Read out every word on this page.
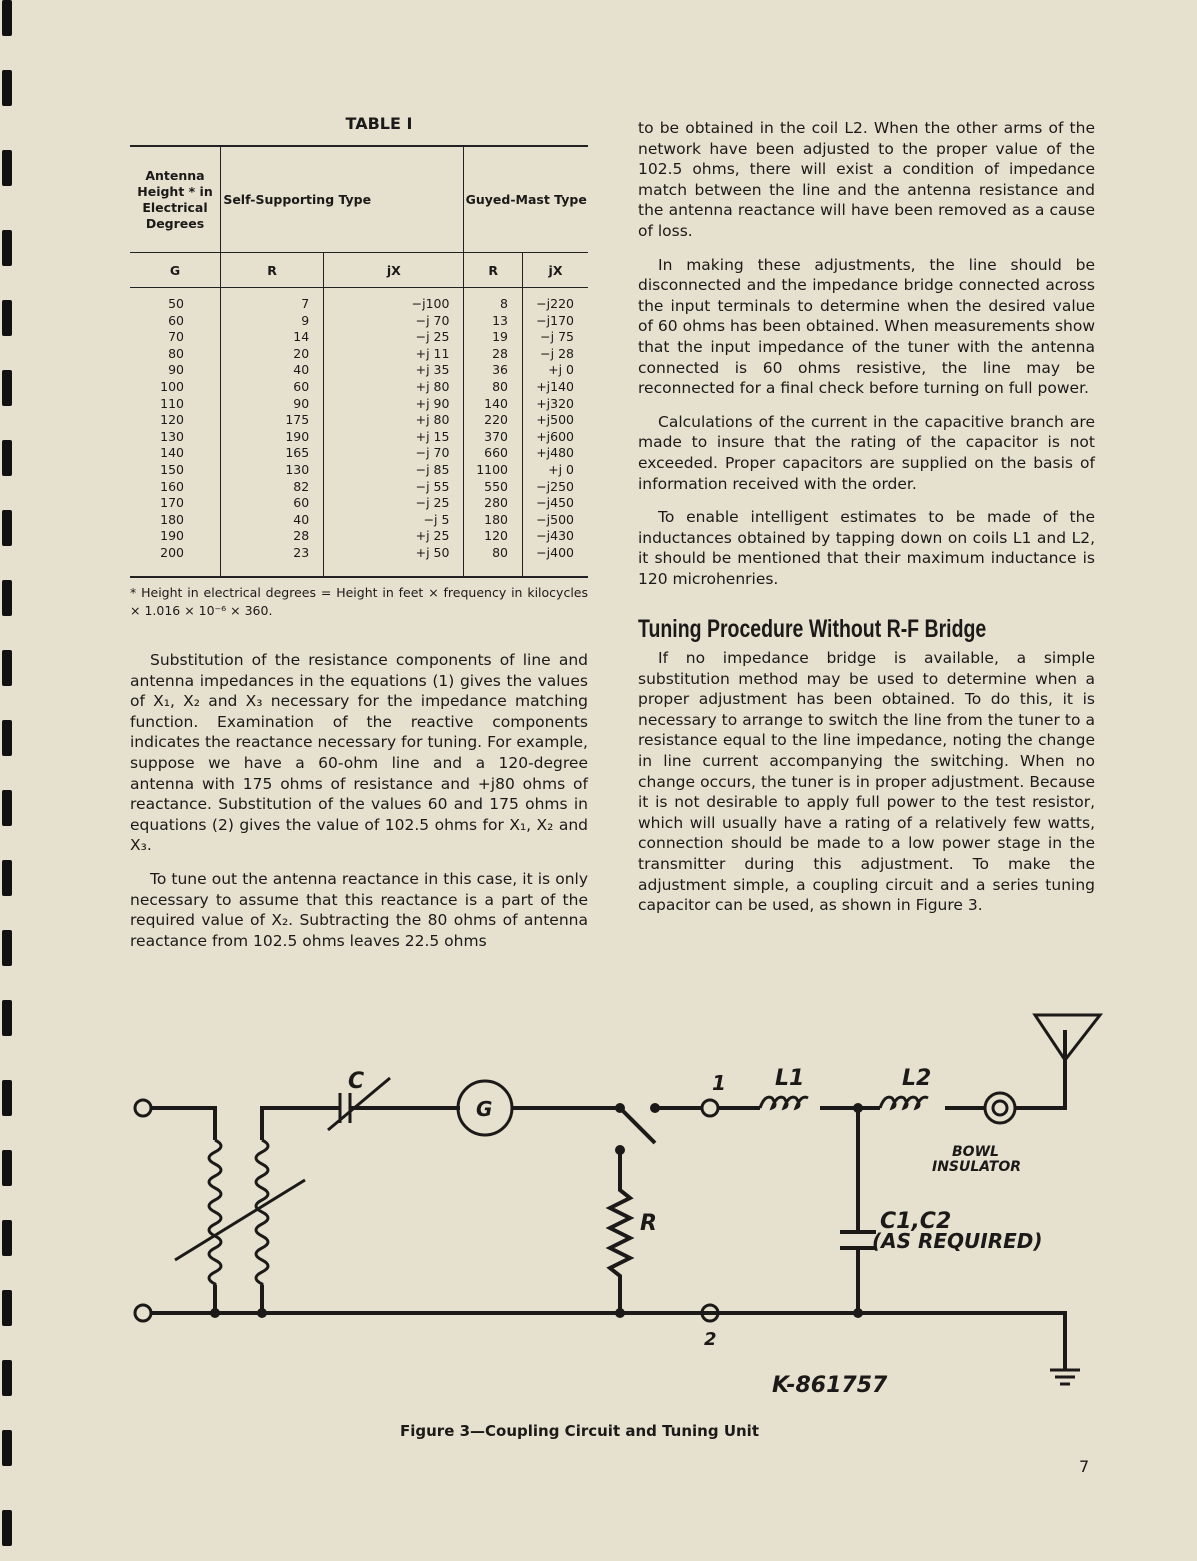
TABLE I
Antenna Height * in Electrical Degrees	Self-Supporting Type		Guyed-Mast Type	
G	R	jX	R	jX
50	7	−j100	8	−j220
60	9	−j 70	13	−j170
70	14	−j 25	19	−j 75
80	20	+j 11	28	−j 28
90	40	+j 35	36	+j 0
100	60	+j 80	80	+j140
110	90	+j 90	140	+j320
120	175	+j 80	220	+j500
130	190	+j 15	370	+j600
140	165	−j 70	660	+j480
150	130	−j 85	1100	+j 0
160	82	−j 55	550	−j250
170	60	−j 25	280	−j450
180	40	−j 5	180	−j500
190	28	+j 25	120	−j430
200	23	+j 50	80	−j400
* Height in electrical degrees = Height in feet × frequency in kilocycles × 1.016 × 10⁻⁶ × 360.

Substitution of the resistance components of line and antenna impedances in the equations (1) gives the values of X₁, X₂ and X₃ necessary for the impedance matching function. Examination of the reactive components indicates the reactance necessary for tuning. For example, suppose we have a 60-ohm line and a 120-degree antenna with 175 ohms of resistance and +j80 ohms of reactance. Substitution of the values 60 and 175 ohms in equations (2) gives the value of 102.5 ohms for X₁, X₂ and X₃.

To tune out the antenna reactance in this case, it is only necessary to assume that this reactance is a part of the required value of X₂. Subtracting the 80 ohms of antenna reactance from 102.5 ohms leaves 22.5 ohms

to be obtained in the coil L2. When the other arms of the network have been adjusted to the proper value of the 102.5 ohms, there will exist a condition of impedance match between the line and the antenna resistance and the antenna reactance will have been removed as a cause of loss.

In making these adjustments, the line should be disconnected and the impedance bridge connected across the input terminals to determine when the desired value of 60 ohms has been obtained. When measurements show that the input impedance of the tuner with the antenna connected is 60 ohms resistive, the line may be reconnected for a final check before turning on full power.

Calculations of the current in the capacitive branch are made to insure that the rating of the capacitor is not exceeded. Proper capacitors are supplied on the basis of information received with the order.

To enable intelligent estimates to be made of the inductances obtained by tapping down on coils L1 and L2, it should be mentioned that their maximum inductance is 120 microhenries.

Tuning Procedure Without R-F Bridge

If no impedance bridge is available, a simple substitution method may be used to determine when a proper adjustment has been obtained. To do this, it is necessary to arrange to switch the line from the tuner to a resistance equal to the line impedance, noting the change in line current accompanying the switching. When no change occurs, the tuner is in proper adjustment. Because it is not desirable to apply full power to the test resistor, which will usually have a rating of a relatively few watts, connection should be made to a low power stage in the transmitter during this adjustment. To make the adjustment simple, a coupling circuit and a series tuning capacitor can be used, as shown in Figure 3.

C
G
1 L1	L2
BOWL
INSULATOR
R	C1,C2
(AS REQUIRED)
2
K-861757
Figure 3—Coupling Circuit and Tuning Unit
7
